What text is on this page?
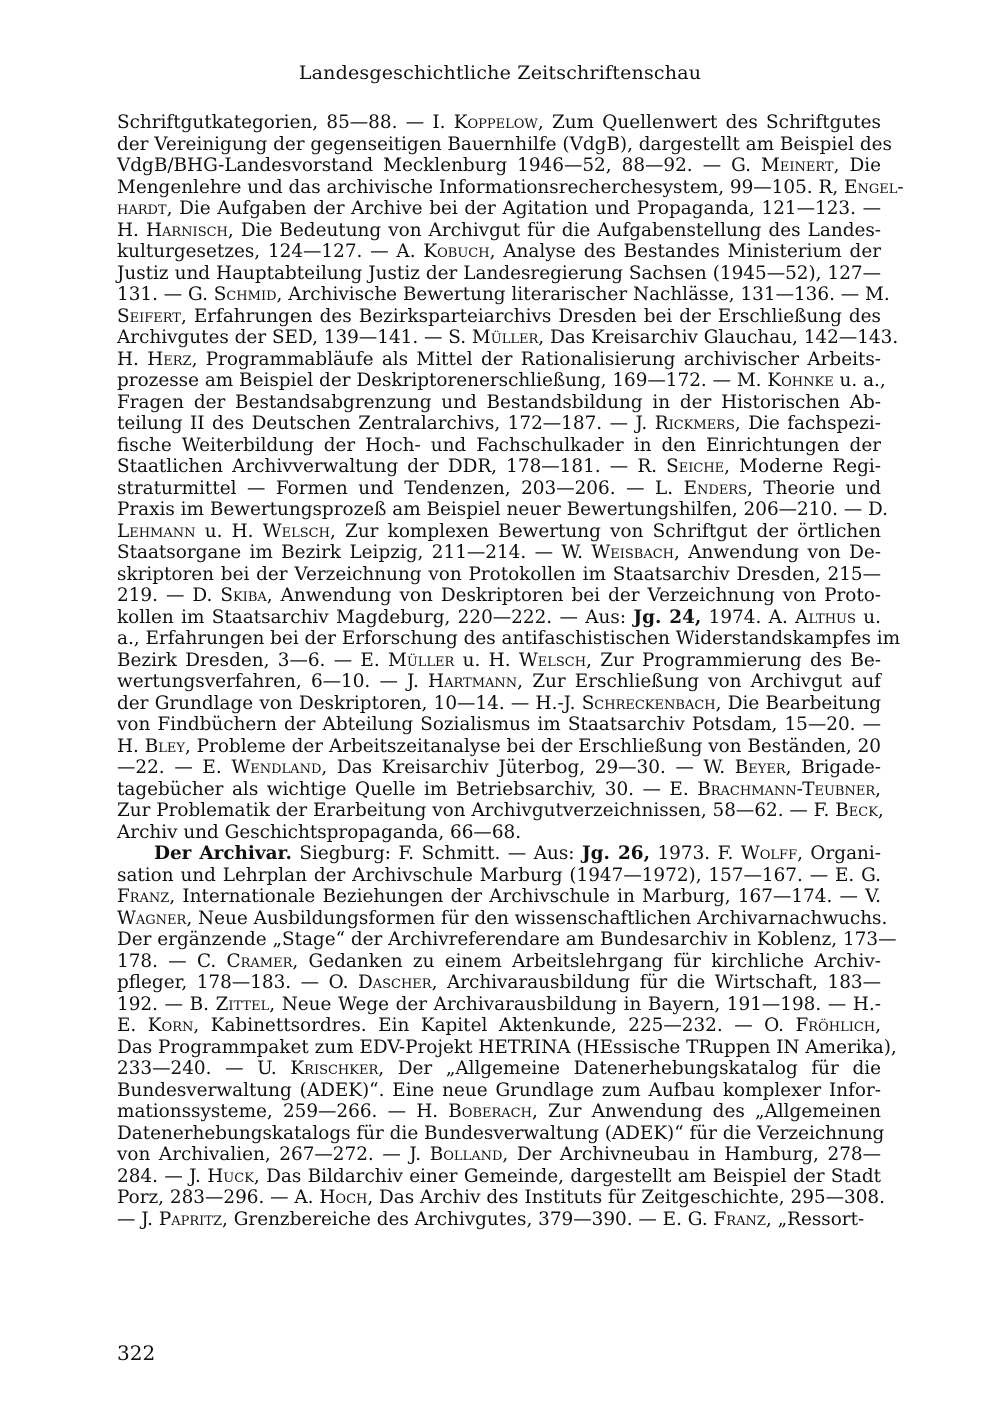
Landesgeschichtliche Zeitschriftenschau
Schriftgutkategorien, 85—88. — I. Koppelow, Zum Quellenwert des Schriftgutes
der Vereinigung der gegenseitigen Bauernhilfe (VdgB), dargestellt am Beispiel des
VdgB/BHG-Landesvorstand Mecklenburg 1946—52, 88—92. — G. Meinert, Die
Mengenlehre und das archivische Informationsrecherchesystem, 99—105. R, Engel-
hardt, Die Aufgaben der Archive bei der Agitation und Propaganda, 121—123. —
H. Harnisch, Die Bedeutung von Archivgut für die Aufgabenstellung des Landes-
kulturgesetzes, 124—127. — A. Kobuch, Analyse des Bestandes Ministerium der
Justiz und Hauptabteilung Justiz der Landesregierung Sachsen (1945—52), 127—
131. — G. Schmid, Archivische Bewertung literarischer Nachlässe, 131—136. — M.
Seifert, Erfahrungen des Bezirksparteiarchivs Dresden bei der Erschließung des
Archivgutes der SED, 139—141. — S. Müller, Das Kreisarchiv Glauchau, 142—143.
H. Herz, Programmabläufe als Mittel der Rationalisierung archivischer Arbeits-
prozesse am Beispiel der Deskriptorenerschließung, 169—172. — M. Kohnke u. a.,
Fragen der Bestandsabgrenzung und Bestandsbildung in der Historischen Ab-
teilung II des Deutschen Zentralarchivs, 172—187. — J. Rickmers, Die fachspezi-
fische Weiterbildung der Hoch- und Fachschulkader in den Einrichtungen der
Staatlichen Archivverwaltung der DDR, 178—181. — R. Seiche, Moderne Regi-
straturmittel — Formen und Tendenzen, 203—206. — L. Enders, Theorie und
Praxis im Bewertungsprozeß am Beispiel neuer Bewertungshilfen, 206—210. — D.
Lehmann u. H. Welsch, Zur komplexen Bewertung von Schriftgut der örtlichen
Staatsorgane im Bezirk Leipzig, 211—214. — W. Weisbach, Anwendung von De-
skriptoren bei der Verzeichnung von Protokollen im Staatsarchiv Dresden, 215—
219. — D. Skiba, Anwendung von Deskriptoren bei der Verzeichnung von Proto-
kollen im Staatsarchiv Magdeburg, 220—222. — Aus: Jg. 24, 1974. A. Althus u.
a., Erfahrungen bei der Erforschung des antifaschistischen Widerstandskampfes im
Bezirk Dresden, 3—6. — E. Müller u. H. Welsch, Zur Programmierung des Be-
wertungsverfahren, 6—10. — J. Hartmann, Zur Erschließung von Archivgut auf
der Grundlage von Deskriptoren, 10—14. — H.-J. Schreckenbach, Die Bearbeitung
von Findbüchern der Abteilung Sozialismus im Staatsarchiv Potsdam, 15—20. —
H. Bley, Probleme der Arbeitszeitanalyse bei der Erschließung von Beständen, 20
—22. — E. Wendland, Das Kreisarchiv Jüterbog, 29—30. — W. Beyer, Brigade-
tagebücher als wichtige Quelle im Betriebsarchiv, 30. — E. Brachmann-Teubner,
Zur Problematik der Erarbeitung von Archivgutverzeichnissen, 58—62. — F. Beck,
Archiv und Geschichtspropaganda, 66—68.
Der Archivar. Siegburg: F. Schmitt. — Aus: Jg. 26, 1973. F. Wolff, Organi-
sation und Lehrplan der Archivschule Marburg (1947—1972), 157—167. — E. G.
Franz, Internationale Beziehungen der Archivschule in Marburg, 167—174. — V.
Wagner, Neue Ausbildungsformen für den wissenschaftlichen Archivarnachwuchs.
Der ergänzende „Stage“ der Archivreferendare am Bundesarchiv in Koblenz, 173—
178. — C. Cramer, Gedanken zu einem Arbeitslehrgang für kirchliche Archiv-
pfleger, 178—183. — O. Dascher, Archivarausbildung für die Wirtschaft, 183—
192. — B. Zittel, Neue Wege der Archivarausbildung in Bayern, 191—198. — H.-
E. Korn, Kabinettsordres. Ein Kapitel Aktenkunde, 225—232. — O. Fröhlich,
Das Programmpaket zum EDV-Projekt HETRINA (HEssische TRuppen IN Amerika),
233—240. — U. Krischker, Der „Allgemeine Datenerhebungskatalog für die
Bundesverwaltung (ADEK)“. Eine neue Grundlage zum Aufbau komplexer Infor-
mationssysteme, 259—266. — H. Boberach, Zur Anwendung des „Allgemeinen
Datenerhebungskatalogs für die Bundesverwaltung (ADEK)“ für die Verzeichnung
von Archivalien, 267—272. — J. Bolland, Der Archivneubau in Hamburg, 278—
284. — J. Huck, Das Bildarchiv einer Gemeinde, dargestellt am Beispiel der Stadt
Porz, 283—296. — A. Hoch, Das Archiv des Instituts für Zeitgeschichte, 295—308.
— J. Papritz, Grenzbereiche des Archivgutes, 379—390. — E. G. Franz, „Ressort-
322
